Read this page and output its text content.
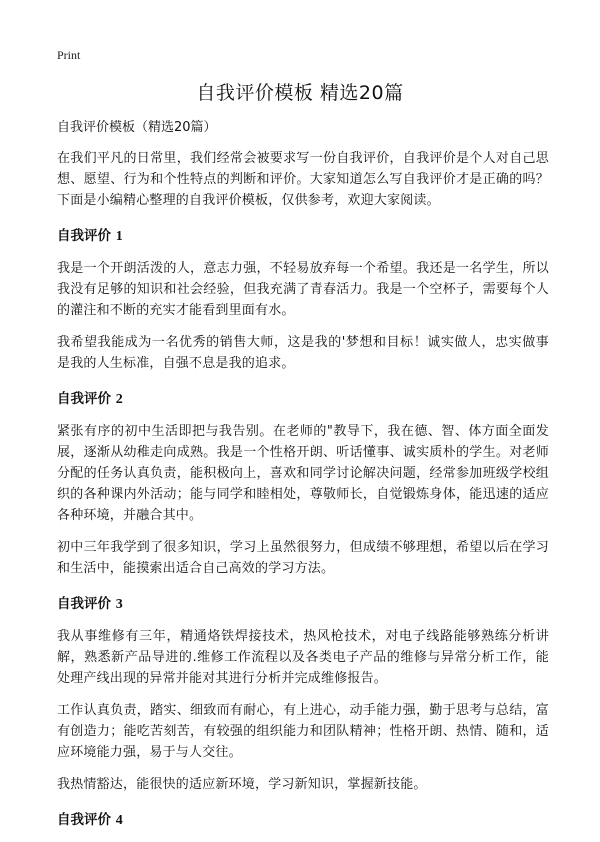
Print
自我评价模板 精选20篇
自我评价模板（精选20篇）

在我们平凡的日常里，我们经常会被要求写一份自我评价，自我评价是个人对自己思想、愿望、行为和个性特点的判断和评价。大家知道怎么写自我评价才是正确的吗？下面是小编精心整理的自我评价模板，仅供参考，欢迎大家阅读。

自我评价 1

我是一个开朗活泼的人，意志力强，不轻易放弃每一个希望。我还是一名学生，所以我没有足够的知识和社会经验，但我充满了青春活力。我是一个空杯子，需要每个人的灌注和不断的充实才能看到里面有水。

我希望我能成为一名优秀的销售大师，这是我的'梦想和目标！诚实做人，忠实做事是我的人生标准，自强不息是我的追求。

自我评价 2

紧张有序的初中生活即把与我告别。在老师的"教导下，我在德、智、体方面全面发展，逐渐从幼稚走向成熟。我是一个性格开朗、听话懂事、诚实质朴的学生。对老师分配的任务认真负责，能积极向上，喜欢和同学讨论解决问题，经常参加班级学校组织的各种课内外活动；能与同学和睦相处，尊敬师长，自觉锻炼身体，能迅速的适应各种环境，并融合其中。

初中三年我学到了很多知识，学习上虽然很努力，但成绩不够理想，希望以后在学习和生活中，能摸索出适合自己高效的学习方法。

自我评价 3

我从事维修有三年，精通烙铁焊接技术，热风枪技术，对电子线路能够熟练分析讲解，熟悉新产品导进的.维修工作流程以及各类电子产品的维修与异常分析工作，能处理产线出现的异常并能对其进行分析并完成维修报告。

工作认真负责，踏实、细致而有耐心，有上进心，动手能力强，勤于思考与总结，富有创造力；能吃苦刻苦，有较强的组织能力和团队精神；性格开朗、热情、随和，适应环境能力强，易于与人交往。

我热情豁达，能很快的适应新环境，学习新知识，掌握新技能。

自我评价 4
